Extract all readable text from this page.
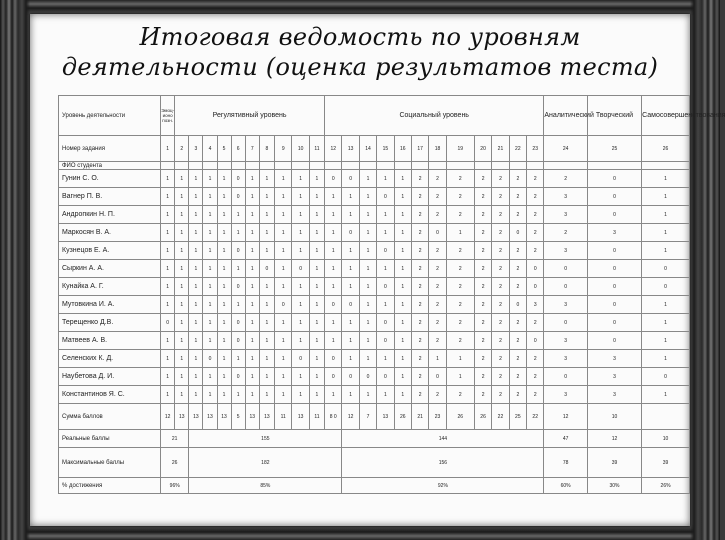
Итоговая ведомость по уровням
деятельности (оценка результатов теста)
Уровень деятельности	Эмоц-ионо позн.	Регулятивный уровень										Социальный уровень												Аналитический	Творческий	Самосовершенствования
Номер задания	1	2	3	4	5	6	7	8	9	10	11	12	13	14	15	16	17	18	19	20	21	22	23	24	25	26
ФИО студента																										
Гунин С. О.	1	1	1	1	1	0	1	1	1	1	1	0	0	1	1	1	2	2	2	2	2	2	2	2	0	1
Вагнер П. В.	1	1	1	1	1	0	1	1	1	1	1	1	1	1	0	1	2	2	2	2	2	2	2	3	0	1
Андропкин Н. П.	1	1	1	1	1	1	1	1	1	1	1	1	1	1	1	1	2	2	2	2	2	2	2	3	0	1
Маркосян В. А.	1	1	1	1	1	1	1	1	1	1	1	1	0	1	1	1	2	0	1	2	2	0	2	2	3	1
Кузнецов Е. А.	1	1	1	1	1	0	1	1	1	1	1	1	1	1	0	1	2	2	2	2	2	2	2	3	0	1
Сыркин А. А.	1	1	1	1	1	1	1	0	1	0	1	1	1	1	1	1	2	2	2	2	2	2	0	0	0	0
Кунайка А. Г.	1	1	1	1	1	0	1	1	1	1	1	1	1	1	0	1	2	2	2	2	2	2	0	0	0	0
Мутовкина И. А.	1	1	1	1	1	1	1	1	0	1	1	0	0	1	1	1	2	2	2	2	2	0	3	3	0	1
Терещенко Д.В.	0	1	1	1	1	0	1	1	1	1	1	1	1	1	0	1	2	2	2	2	2	2	2	0	0	1
Матвеев А. В.	1	1	1	1	1	0	1	1	1	1	1	1	1	1	0	1	2	2	2	2	2	2	0	3	0	1
Селенских К. Д.	1	1	1	0	1	1	1	1	1	0	1	0	1	1	1	1	2	1	1	2	2	2	2	3	3	1
Наубетова Д. И.	1	1	1	1	1	0	1	1	1	1	1	0	0	0	0	1	2	0	1	2	2	2	2	0	3	0
Константинов Я. С.	1	1	1	1	1	1	1	1	1	1	1	1	1	1	1	1	2	2	2	2	2	2	2	3	3	1
Сумма баллов	12	13	13	13	13	5	13	13	11	13	11	8 0	12	7	13	26	21	23	26	26	22	25	22	12	10	
Реальные баллы	21		155										144											47	12	10
Максимальные баллы	26		182										156											78	39	39
% достижения	96%		85%										92%											60%	30%	26%
